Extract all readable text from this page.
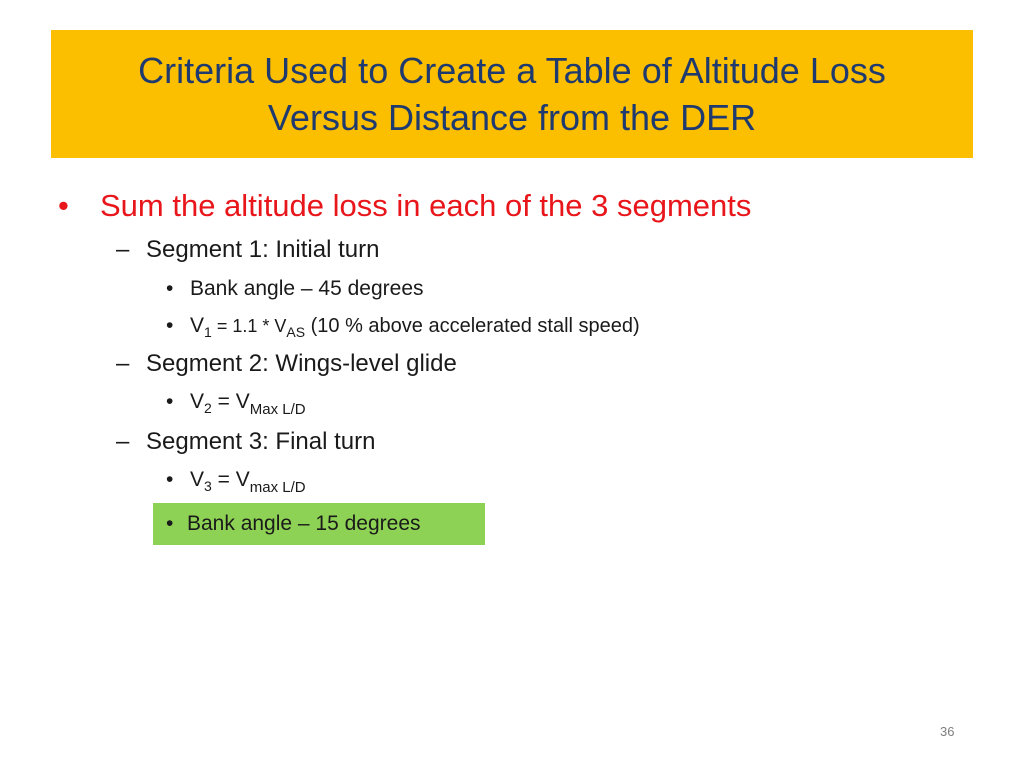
Criteria Used to Create a Table of Altitude Loss
Versus Distance from the DER
• Sum the altitude loss in each of the 3 segments
– Segment 1: Initial turn
• Bank angle – 45 degrees
• $V_1 = 1.1 * V_{AS}$ (10 % above accelerated stall speed)
– Segment 2: Wings-level glide
• $V_2 = V_{Max L/D}$
– Segment 3: Final turn
• $V_3 = V_{max L/D}$
• Bank angle – 15 degrees
36
